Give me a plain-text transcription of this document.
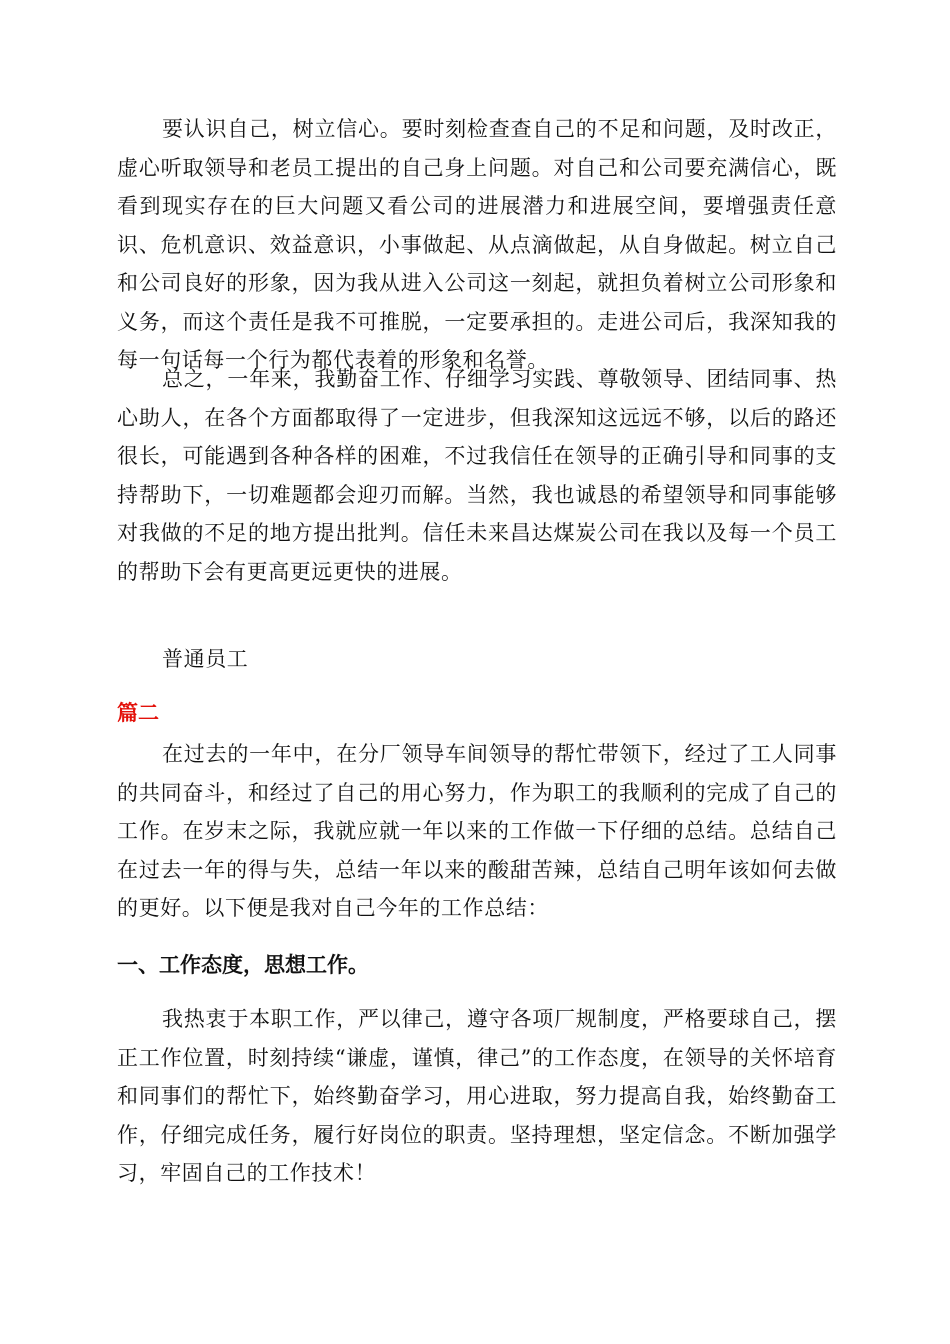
要认识自己，树立信心。要时刻检查查自己的不足和问题，及时改正，虚心听取领导和老员工提出的自己身上问题。对自己和公司要充满信心，既看到现实存在的巨大问题又看公司的进展潜力和进展空间，要增强责任意识、危机意识、效益意识，小事做起、从点滴做起，从自身做起。树立自己和公司良好的形象，因为我从进入公司这一刻起，就担负着树立公司形象和义务，而这个责任是我不可推脱，一定要承担的。走进公司后，我深知我的每一句话每一个行为都代表着的形象和名誉。

总之，一年来，我勤奋工作、仔细学习实践、尊敬领导、团结同事、热心助人，在各个方面都取得了一定进步，但我深知这远远不够，以后的路还很长，可能遇到各种各样的困难，不过我信任在领导的正确引导和同事的支持帮助下，一切难题都会迎刃而解。当然，我也诚恳的希望领导和同事能够对我做的不足的地方提出批判。信任未来昌达煤炭公司在我以及每一个员工的帮助下会有更高更远更快的进展。

普通员工

篇二

在过去的一年中，在分厂领导车间领导的帮忙带领下，经过了工人同事的共同奋斗，和经过了自己的用心努力，作为职工的我顺利的完成了自己的工作。在岁末之际，我就应就一年以来的工作做一下仔细的总结。总结自己在过去一年的得与失，总结一年以来的酸甜苦辣，总结自己明年该如何去做的更好。以下便是我对自己今年的工作总结：

一、工作态度，思想工作。

我热衷于本职工作，严以律己，遵守各项厂规制度，严格要球自己，摆正工作位置，时刻持续“谦虚，谨慎，律己”的工作态度，在领导的关怀培育和同事们的帮忙下，始终勤奋学习，用心进取，努力提高自我，始终勤奋工作，仔细完成任务，履行好岗位的职责。坚持理想，坚定信念。不断加强学习，牢固自己的工作技术！
